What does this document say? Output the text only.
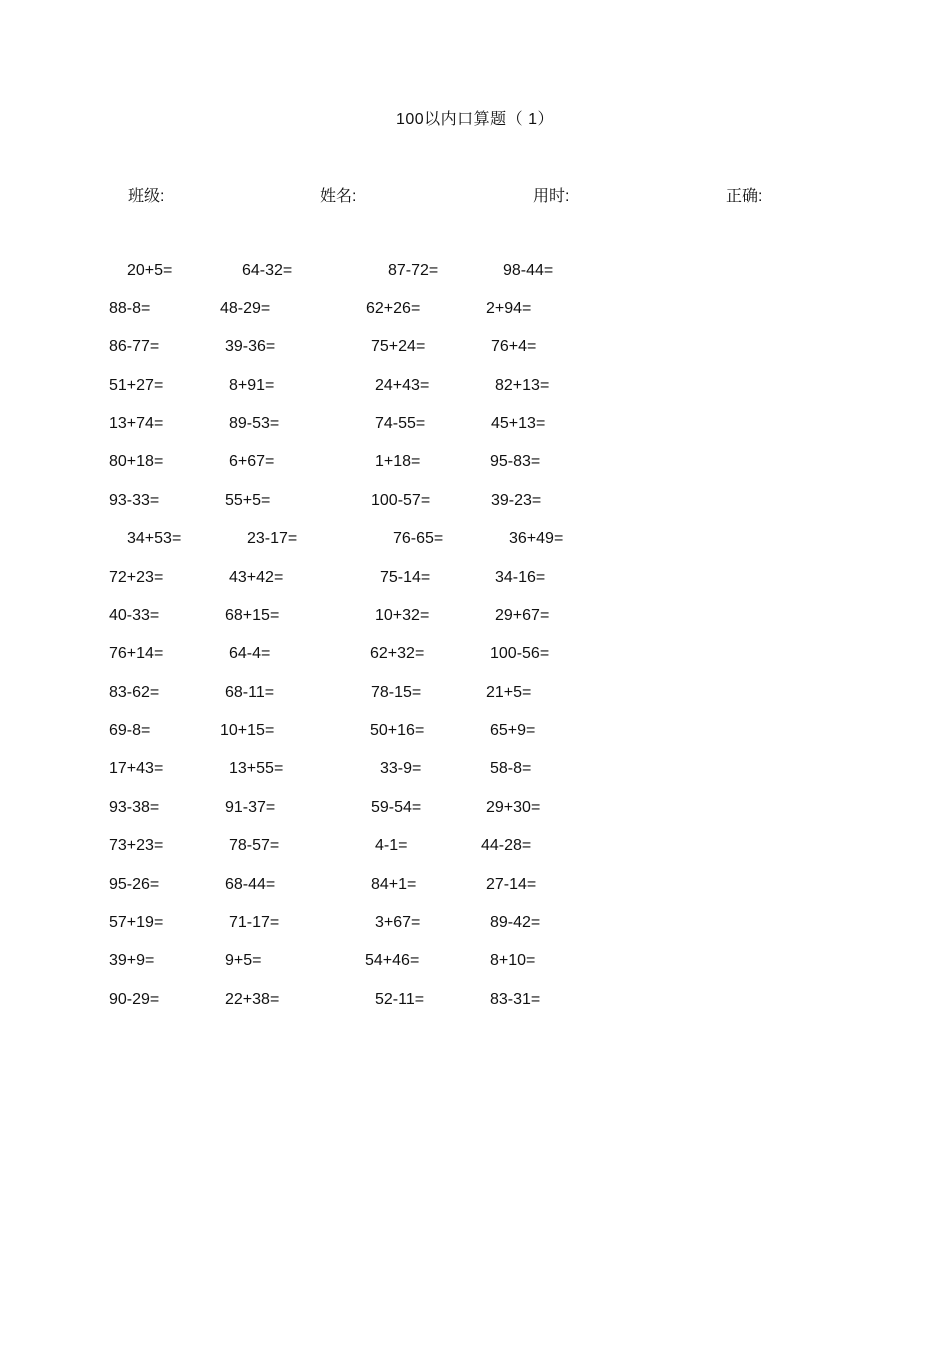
100以内口算题（ 1）
班级:	姓名:	用时:	正确:
20+5=	64-32=	87-72=	98-44=
88-8=	48-29=	62+26=	2+94=
86-77=	39-36=	75+24=	76+4=
51+27=	8+91=	24+43=	82+13=
13+74=	89-53=	74-55=	45+13=
80+18=	6+67=	1+18=	95-83=
93-33=	55+5=	100-57=	39-23=
34+53=	23-17=	76-65=	36+49=
72+23=	43+42=	75-14=	34-16=
40-33=	68+15=	10+32=	29+67=
76+14=	64-4=	62+32=	100-56=
83-62=	68-11=	78-15=	21+5=
69-8=	10+15=	50+16=	65+9=
17+43=	13+55=	33-9=	58-8=
93-38=	91-37=	59-54=	29+30=
73+23=	78-57=	4-1=	44-28=
95-26=	68-44=	84+1=	27-14=
57+19=	71-17=	3+67=	89-42=
39+9=	9+5=	54+46=	8+10=
90-29=	22+38=	52-11=	83-31=
